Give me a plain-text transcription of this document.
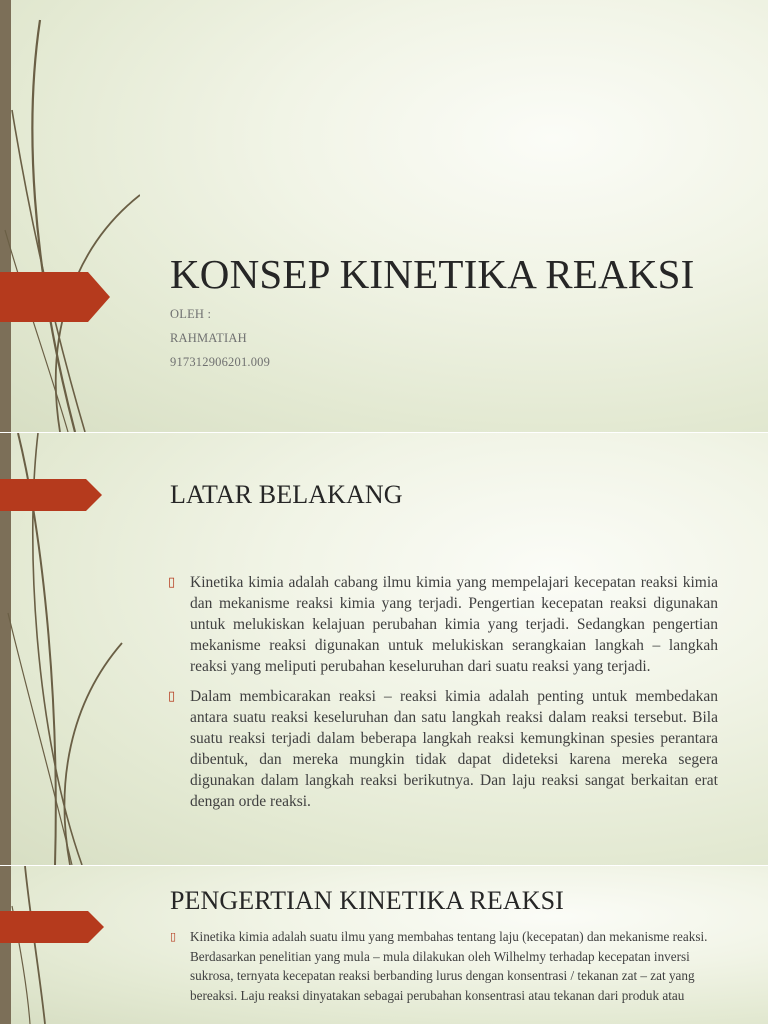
KONSEP KINETIKA REAKSI
OLEH :
RAHMATIAH
917312906201.009
LATAR BELAKANG
▯ Kinetika kimia adalah cabang ilmu kimia yang mempelajari kecepatan reaksi kimia dan mekanisme reaksi kimia yang terjadi. Pengertian kecepatan reaksi digunakan untuk melukiskan kelajuan perubahan kimia yang terjadi. Sedangkan pengertian mekanisme reaksi digunakan untuk melukiskan serangkaian langkah – langkah reaksi yang meliputi perubahan keseluruhan dari suatu reaksi yang terjadi.
▯ Dalam membicarakan reaksi – reaksi kimia adalah penting untuk membedakan antara suatu reaksi keseluruhan dan satu langkah reaksi dalam reaksi tersebut. Bila suatu reaksi terjadi dalam beberapa langkah reaksi kemungkinan spesies perantara dibentuk, dan mereka mungkin tidak dapat dideteksi karena mereka segera digunakan dalam langkah reaksi berikutnya. Dan laju reaksi sangat berkaitan erat dengan orde reaksi.
PENGERTIAN KINETIKA REAKSI
▯ Kinetika kimia adalah suatu ilmu yang membahas tentang laju (kecepatan) dan mekanisme reaksi. Berdasarkan penelitian yang mula – mula dilakukan oleh Wilhelmy terhadap kecepatan inversi sukrosa, ternyata kecepatan reaksi berbanding lurus dengan konsentrasi / tekanan zat – zat yang bereaksi. Laju reaksi dinyatakan sebagai perubahan konsentrasi atau tekanan dari produk atau
